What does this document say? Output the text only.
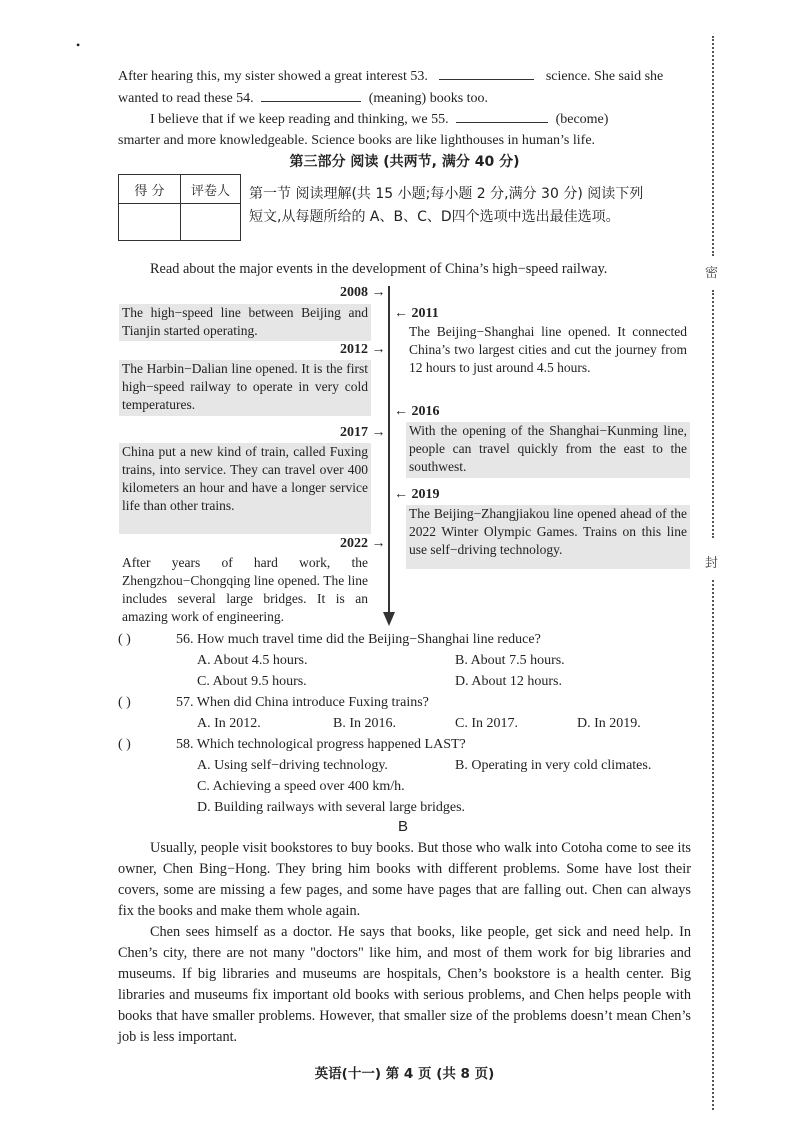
密
封
•
After hearing this, my sister showed a great interest 53.	science. She said she
wanted to read these 54.	(meaning) books too.
I believe that if we keep reading and thinking, we 55.	(become)
smarter and more knowledgeable. Science books are like lighthouses in human’s life.
第三部分 阅读 (共两节, 满分 40 分)
得 分	评卷人
	第一节 阅读理解(共 15 小题;每小题 2 分,满分 30 分) 阅读下列
短文,从每题所给的 A、B、C、D四个选项中选出最佳选项。
Read about the major events in the development of China’s high−speed railway.
2008 →
The high−speed line between Beijing and Tianjin started operating.
2012 →
The Harbin−Dalian line opened. It is the first high−speed railway to operate in very cold temperatures.
2017 →
China put a new kind of train, called Fuxing trains, into service. They can travel over 400 kilometers an hour and have a longer service life than other trains.
2022 →
After years of hard work, the Zhengzhou−Chongqing line opened. The line includes several large bridges. It is an amazing work of engineering.
← 2011
The Beijing−Shanghai line opened. It connected China’s two largest cities and cut the journey from 12 hours to just around 4.5 hours.
← 2016
With the opening of the Shanghai−Kunming line, people can travel quickly from the east to the southwest.
← 2019
The Beijing−Zhangjiakou line opened ahead of the 2022 Winter Olympic Games. Trains on this line use self−driving technology.
( )	56. How much travel time did the Beijing−Shanghai line reduce?
A. About 4.5 hours.	B. About 7.5 hours.
C. About 9.5 hours.	D. About 12 hours.
( )	57. When did China introduce Fuxing trains?
A. In 2012.	B. In 2016.	C. In 2017.	D. In 2019.
( )	58. Which technological progress happened LAST?
A. Using self−driving technology.	B. Operating in very cold climates.
C. Achieving a speed over 400 km/h.
D. Building railways with several large bridges.
B
Usually, people visit bookstores to buy books. But those who walk into Cotoha come to see its owner, Chen Bing−Hong. They bring him books with different problems. Some have lost their covers, some are missing a few pages, and some have pages that are falling out. Chen can always fix the books and make them whole again.
Chen sees himself as a doctor. He says that books, like people, get sick and need help. In Chen’s city, there are not many "doctors" like him, and most of them work for big libraries and museums. If big libraries and museums are hospitals, Chen’s bookstore is a health center. Big libraries and museums fix important old books with serious problems, and Chen helps people with books that have smaller problems. However, that smaller size of the problems doesn’t mean Chen’s job is less important.
英语(十一) 第 4 页 (共 8 页)
